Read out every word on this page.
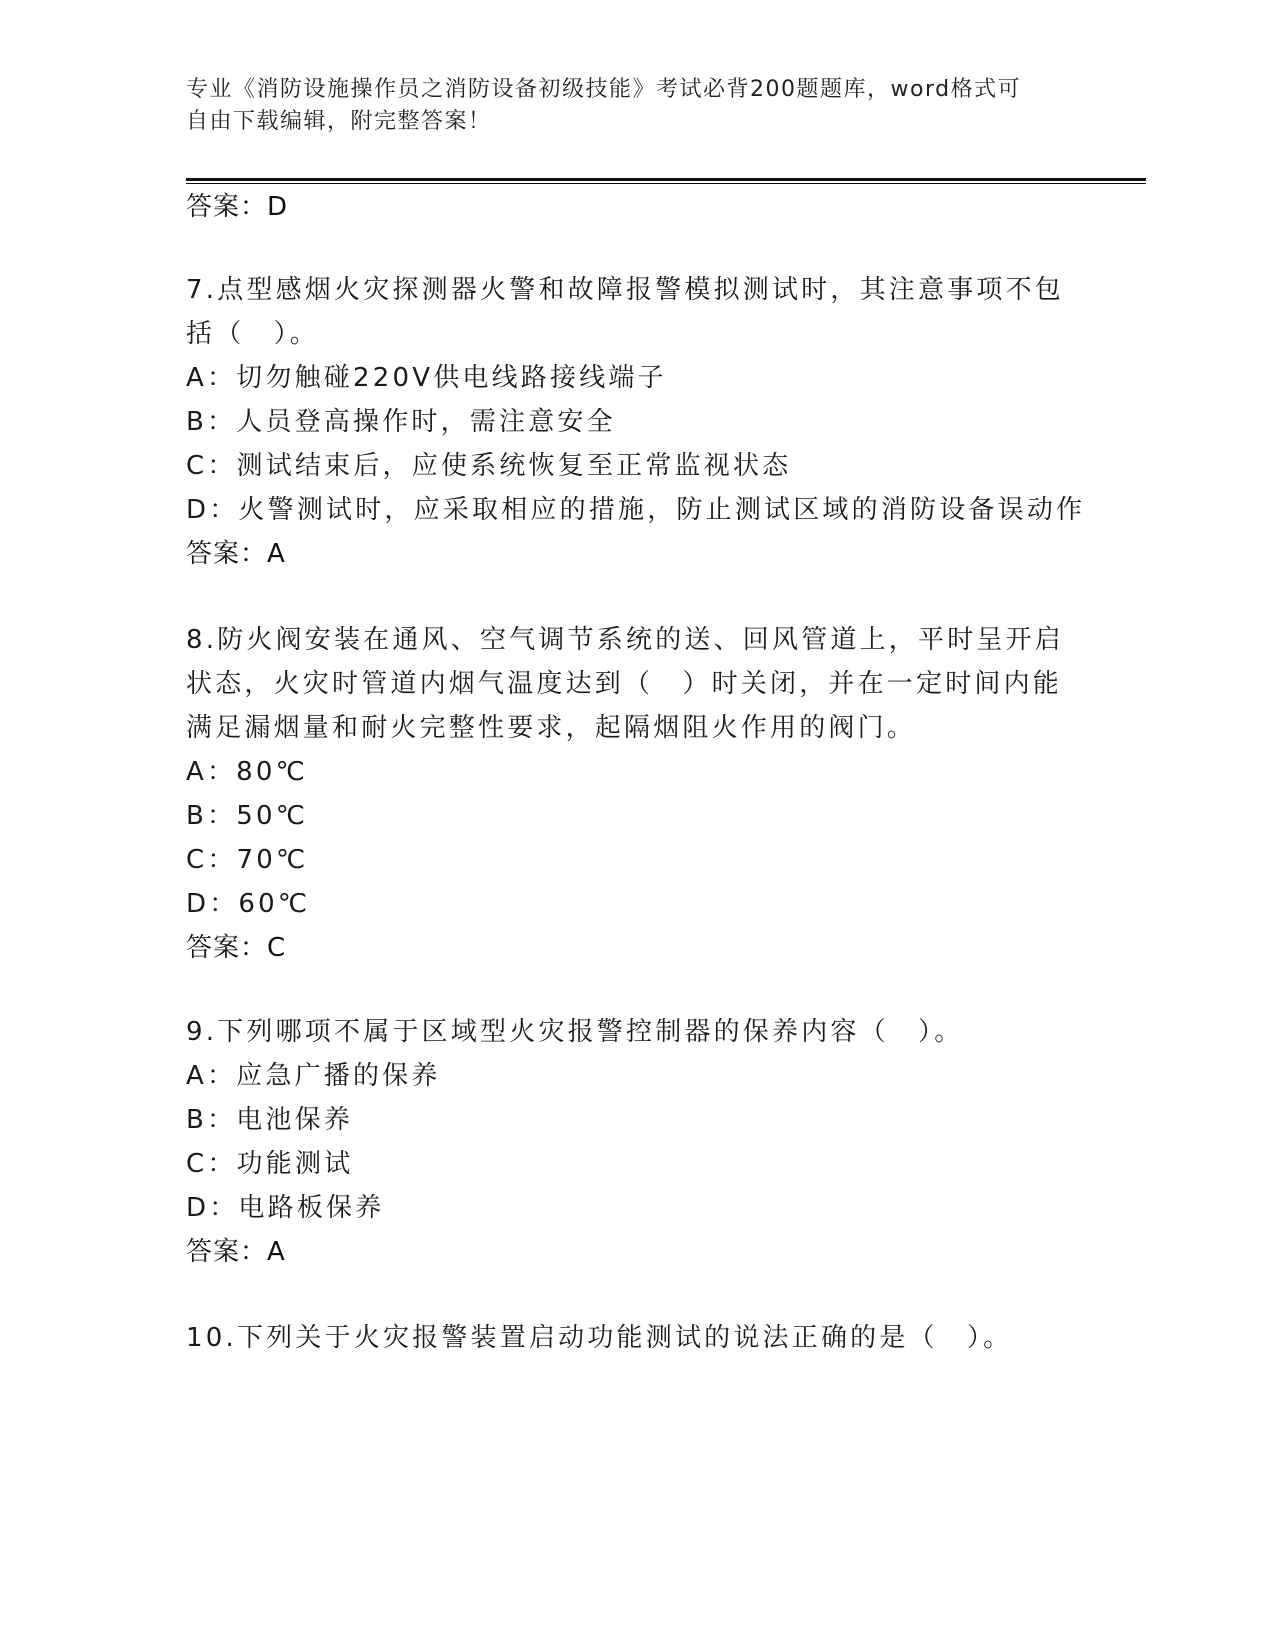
专业《消防设施操作员之消防设备初级技能》考试必背200题题库，word格式可
自由下载编辑，附完整答案！
答案：D
7.点型感烟火灾探测器火警和故障报警模拟测试时，其注意事项不包
括（　）。
A：切勿触碰220V供电线路接线端子
B：人员登高操作时，需注意安全
C：测试结束后，应使系统恢复至正常监视状态
D：火警测试时，应采取相应的措施，防止测试区域的消防设备误动作
答案：A
8.防火阀安装在通风、空气调节系统的送、回风管道上，平时呈开启
状态，火灾时管道内烟气温度达到（　）时关闭，并在一定时间内能
满足漏烟量和耐火完整性要求，起隔烟阻火作用的阀门。
A：80℃
B：50℃
C：70℃
D：60℃
答案：C
9.下列哪项不属于区域型火灾报警控制器的保养内容（　）。
A：应急广播的保养
B：电池保养
C：功能测试
D：电路板保养
答案：A
10.下列关于火灾报警装置启动功能测试的说法正确的是（　）。
